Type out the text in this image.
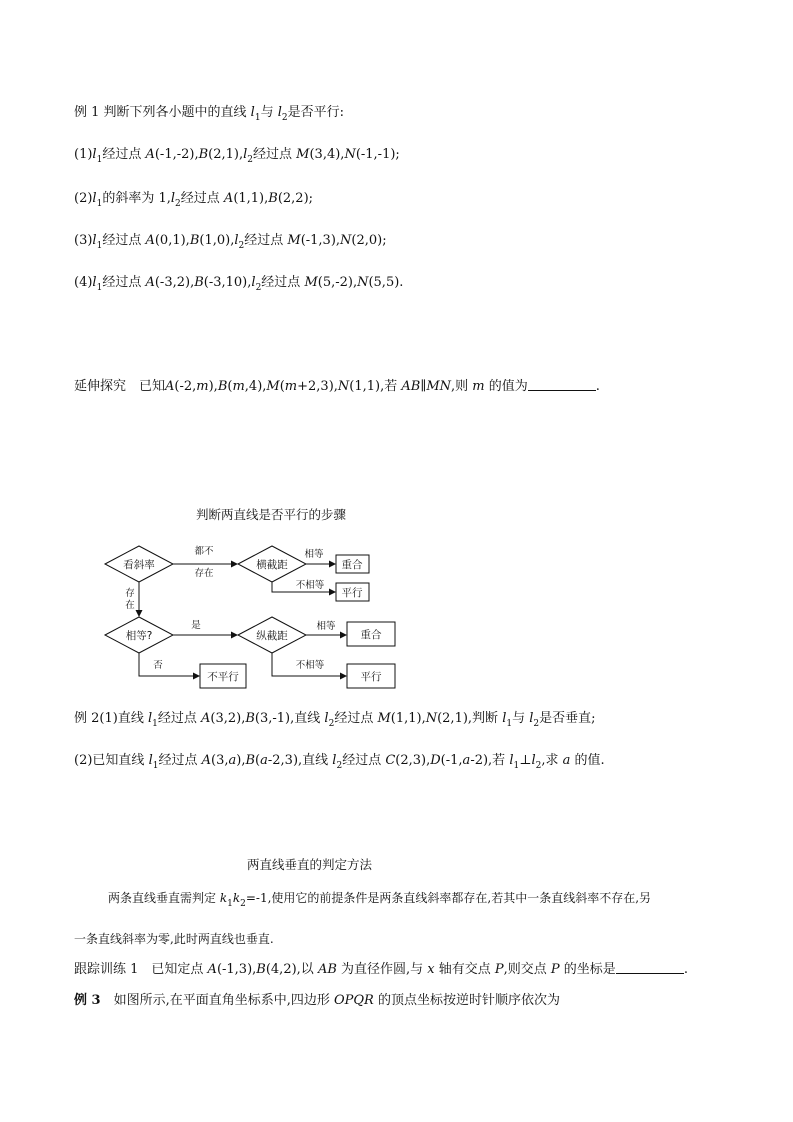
例 1 判断下列各小题中的直线 $l_1$与 $l_2$是否平行:
$(1)l_1$经过点 $A(-1,-2),B(2,1),l_2$经过点 M(3,4),N(-1,-1);
$(2)l_1$的斜率为 $1,l_2$经过点 A(1,1),B(2,2);
$(3)l_1$经过点 $A(0,1),B(1,0),l_2$经过点 M(-1,3),N(2,0);
$(4)l_1$经过点 $A(-3,2),B(-3,10),l_2$经过点 M(5,-2),N(5,5).
延伸探究　已知A(-2,m),B(m,4),M(m+2,3),N(1,1),若 AB∥MN,则 m 的值为	.
判断两直线是否平行的步骤
看斜率	横截距
相等?	纵截距
重合
平行
重合
平行
不平行
都不
存在
相等
不相等
存
在
是	相等
不相等
否
例 2(1)直线 $l_1$经过点 A(3,2),B(3,-1),直线 $l_2$经过点 M(1,1),N(2,1),判断 $l_1$与 $l_2$是否垂直;
(2)已知直线 $l_1$经过点 A(3,a),B(a-2,3),直线 $l_2$经过点 C(2,3),D(-1,a-2),若 $l_1\perp l_2$,求 a 的值.
两直线垂直的判定方法
两条直线垂直需判定 $k_1k_2=-1$,使用它的前提条件是两条直线斜率都存在,若其中一条直线斜率不存在,另
一条直线斜率为零,此时两直线也垂直.
跟踪训练 1　已知定点 A(-1,3),B(4,2),以 AB 为直径作圆,与 x 轴有交点 P,则交点 P 的坐标是	.
例 3　如图所示,在平面直角坐标系中,四边形 OPQR 的顶点坐标按逆时针顺序依次为
